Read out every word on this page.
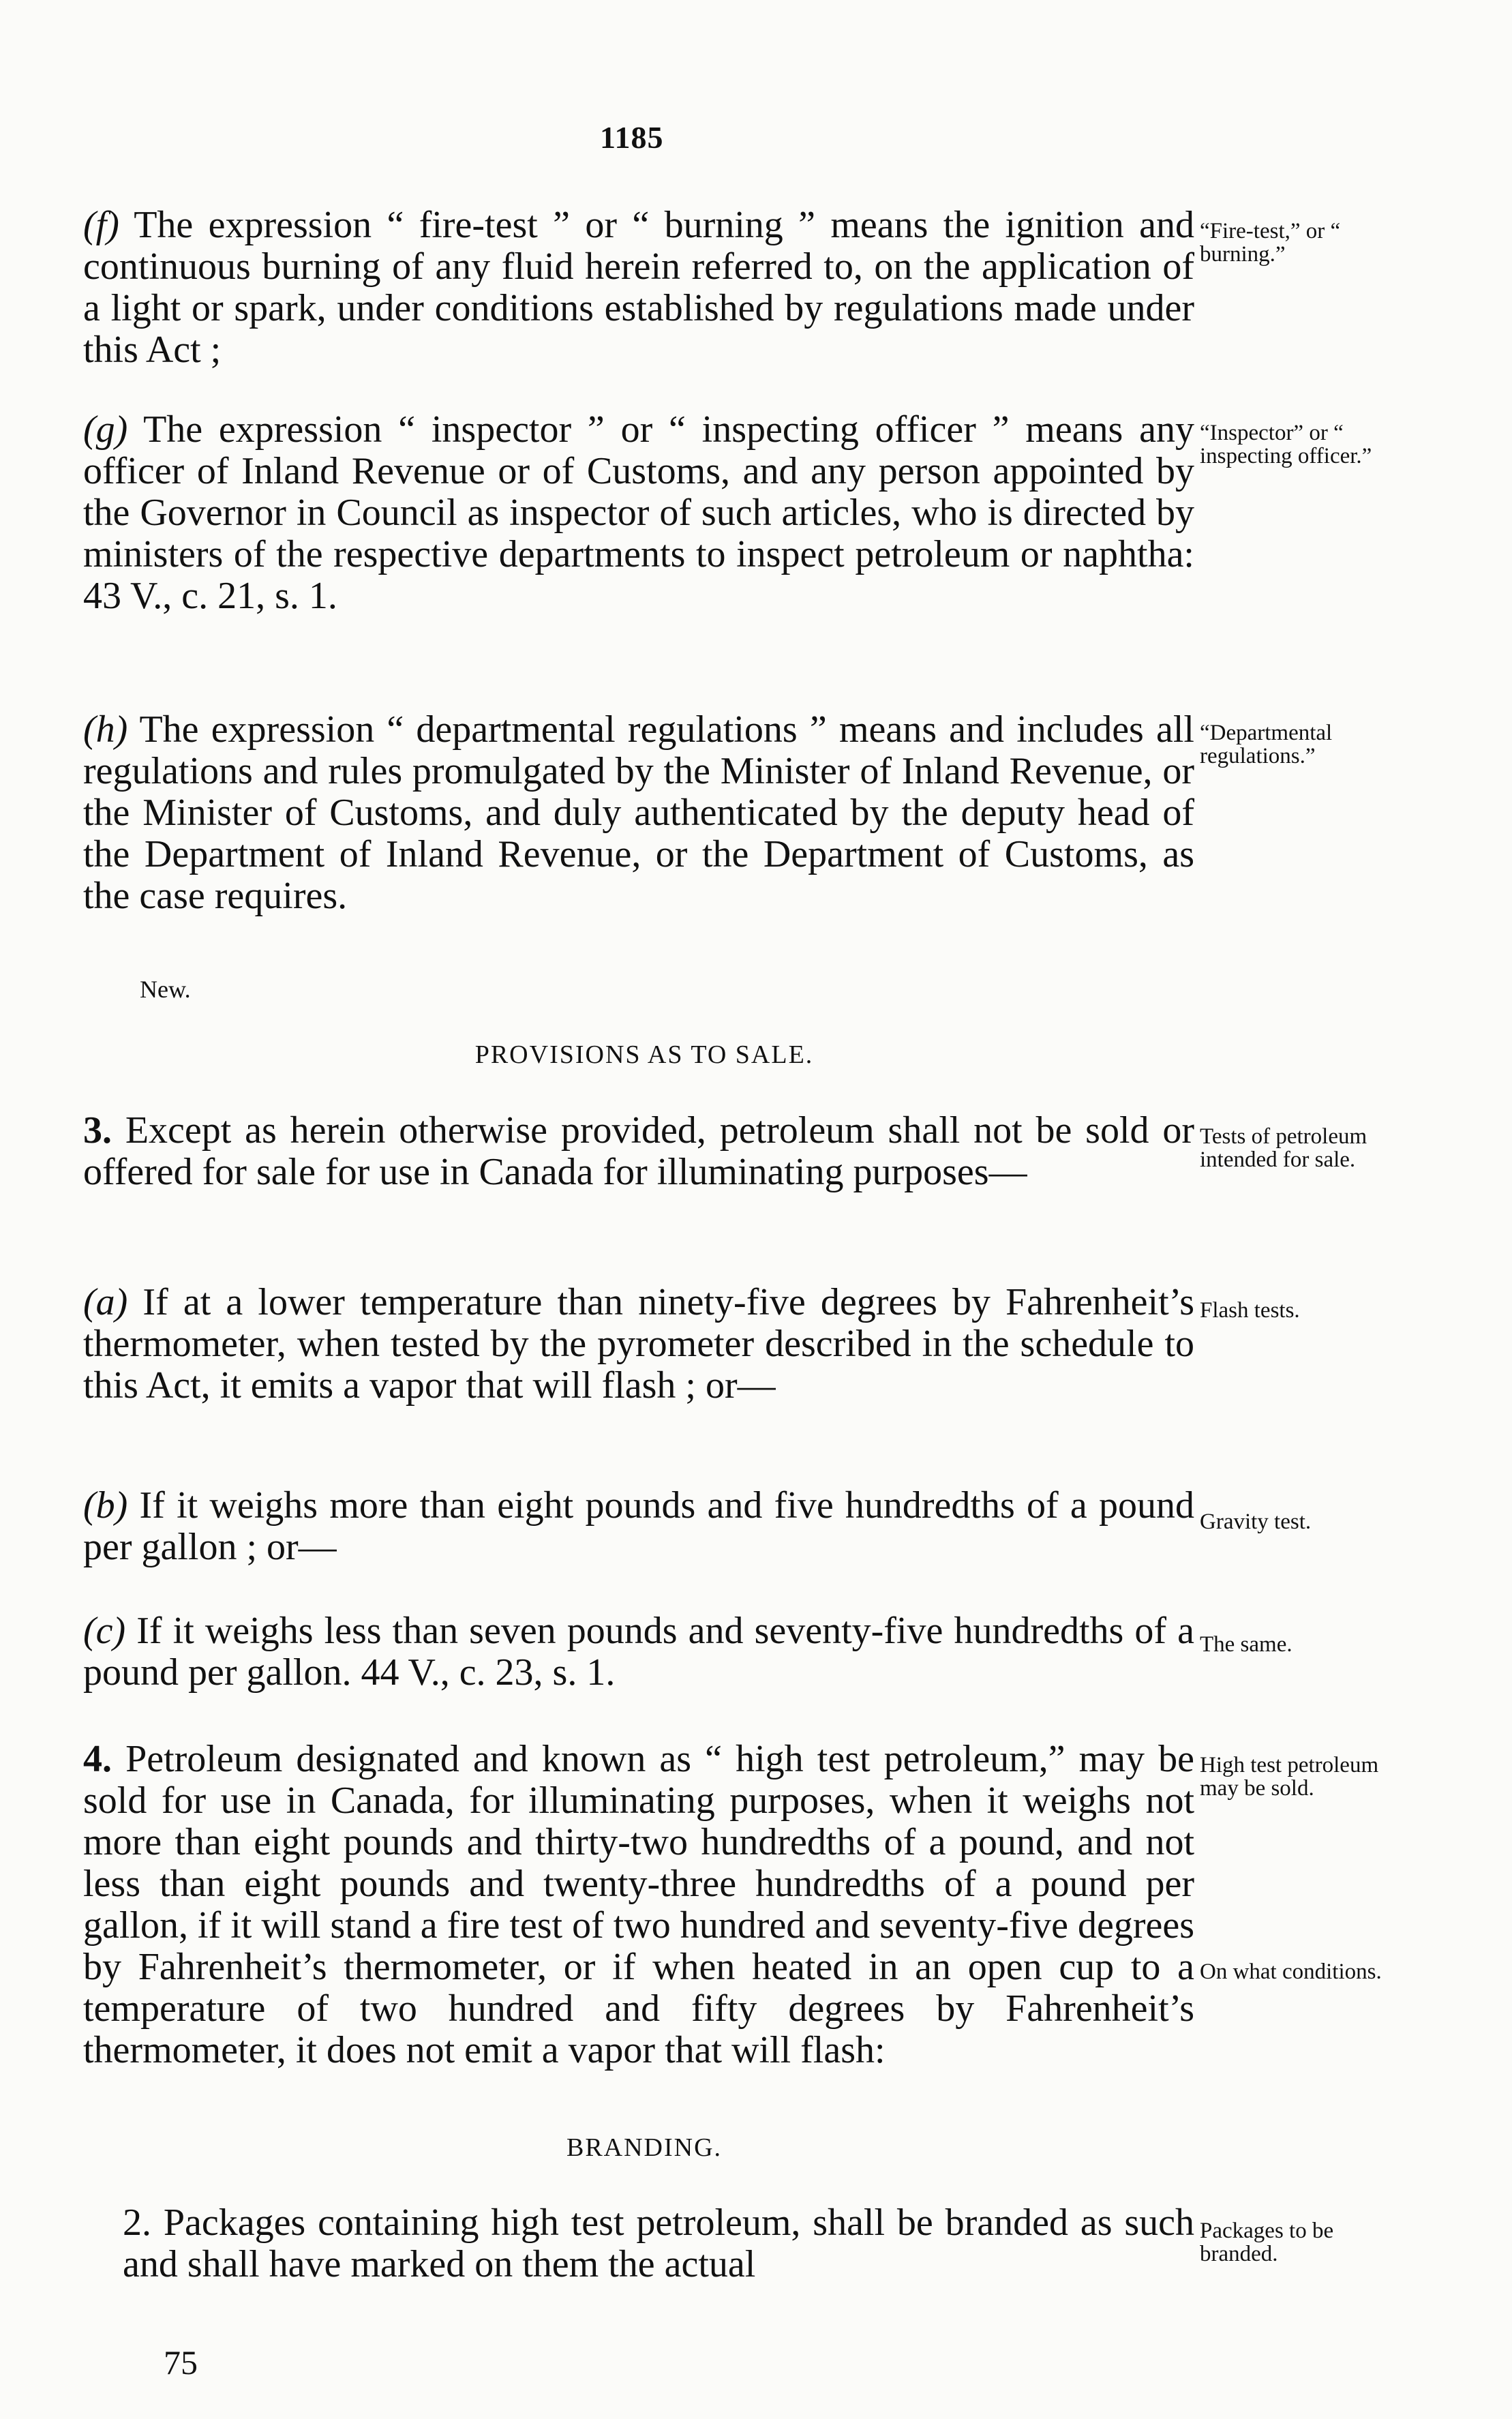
1185
(f) The expression “ fire-test ” or “ burning ” means the ignition and continuous burning of any fluid herein referred to, on the application of a light or spark, under conditions established by regulations made under this Act ;
“Fire-test,” or “ burning.”
(g) The expression “ inspector ” or “ inspecting officer ” means any officer of Inland Revenue or of Customs, and any person appointed by the Governor in Council as inspector of such articles, who is directed by ministers of the respective departments to inspect petroleum or naphtha: 43 V., c. 21, s. 1.
“Inspector” or “ inspecting officer.”
(h) The expression “ departmental regulations ” means and includes all regulations and rules promulgated by the Minister of Inland Revenue, or the Minister of Customs, and duly authenticated by the deputy head of the Department of Inland Revenue, or the Department of Customs, as the case requires.
“Departmental regulations.”
New.
PROVISIONS AS TO SALE.
3. Except as herein otherwise provided, petroleum shall not be sold or offered for sale for use in Canada for illuminating purposes—
Tests of petroleum intended for sale.
(a) If at a lower temperature than ninety-five degrees by Fahrenheit’s thermometer, when tested by the pyrometer described in the schedule to this Act, it emits a vapor that will flash ; or—
Flash tests.
(b) If it weighs more than eight pounds and five hundredths of a pound per gallon ; or—
Gravity test.
(c) If it weighs less than seven pounds and seventy-five hundredths of a pound per gallon. 44 V., c. 23, s. 1.
The same.
4. Petroleum designated and known as “ high test petroleum,” may be sold for use in Canada, for illuminating purposes, when it weighs not more than eight pounds and thirty-two hundredths of a pound, and not less than eight pounds and twenty-three hundredths of a pound per gallon, if it will stand a fire test of two hundred and seventy-five degrees by Fahrenheit’s thermometer, or if when heated in an open cup to a temperature of two hundred and fifty degrees by Fahrenheit’s thermometer, it does not emit a vapor that will flash:
High test petroleum may be sold.
On what conditions.
BRANDING.
2. Packages containing high test petroleum, shall be branded as such and shall have marked on them the actual
Packages to be branded.
75
